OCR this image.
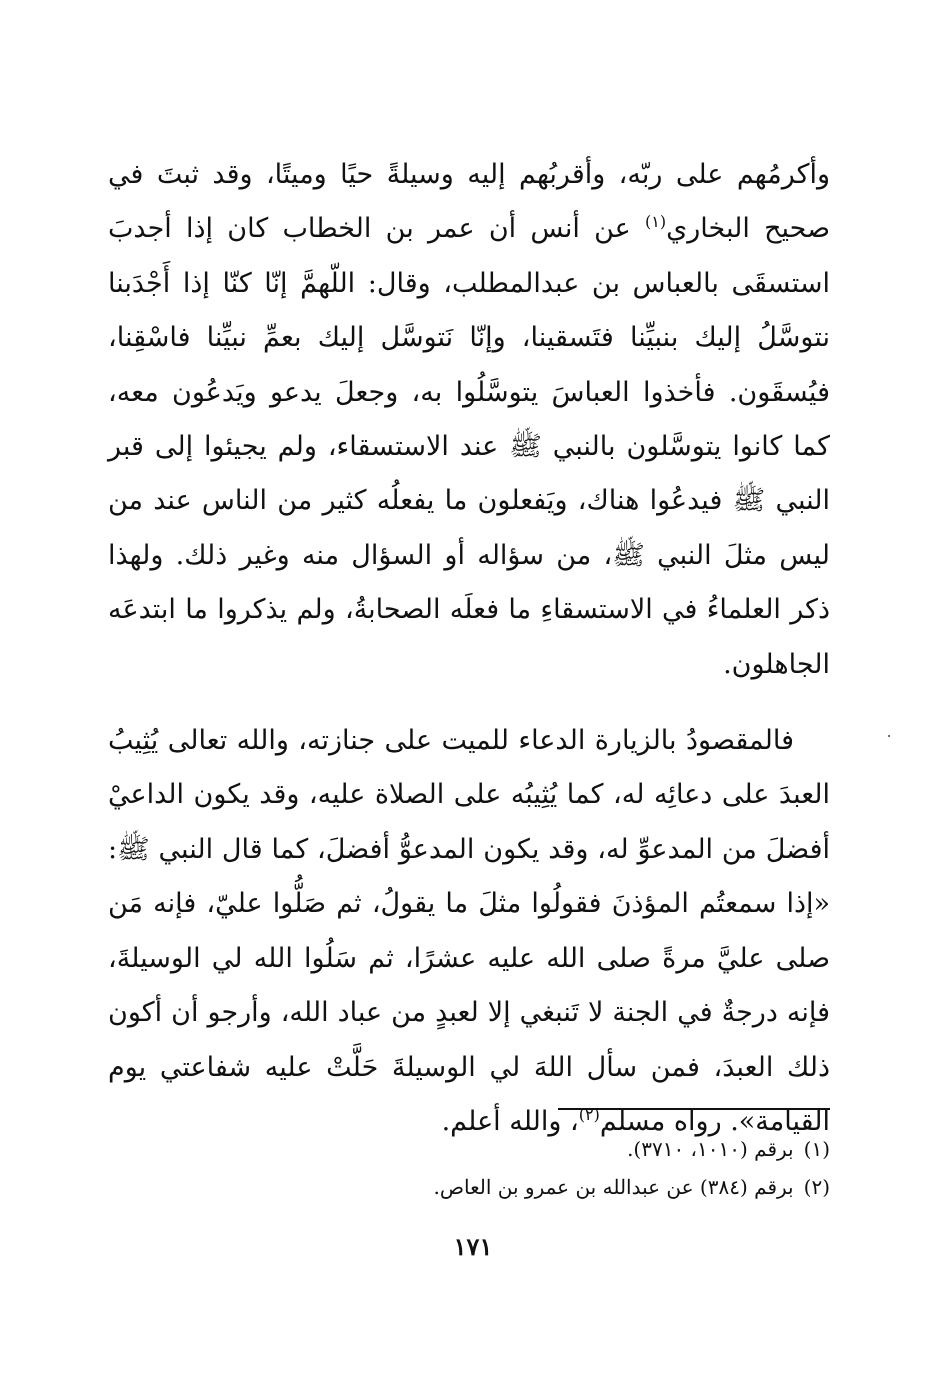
وأكرمُهم على ربّه، وأقربُهم إليه وسيلةً حيًا وميتًا، وقد ثبتَ في صحيح البخاري$^{(١)}$ عن أنس أن عمر بن الخطاب كان إذا أجدبَ استسقَى بالعباس بن عبدالمطلب، وقال: اللّهمَّ إنّا كنّا إذا أَجْدَبنا نتوسَّلُ إليك بنبيِّنا فتَسقينا، وإنّا نَتوسَّل إليك بعمِّ نبيِّنا فاسْقِنا، فيُسقَون. فأخذوا العباسَ يتوسَّلُوا به، وجعلَ يدعو ويَدعُون معه، كما كانوا يتوسَّلون بالنبي ﷺ عند الاستسقاء، ولم يجيئوا إلى قبر النبي ﷺ فيدعُوا هناك، ويَفعلون ما يفعلُه كثير من الناس عند من ليس مثلَ النبي ﷺ، من سؤاله أو السؤال منه وغير ذلك. ولهذا ذكر العلماءُ في الاستسقاءِ ما فعلَه الصحابةُ، ولم يذكروا ما ابتدعَه الجاهلون.

فالمقصودُ بالزيارة الدعاء للميت على جنازته، والله تعالى يُثِيبُ العبدَ على دعائِه له، كما يُثِيبُه على الصلاة عليه، وقد يكون الداعيْ أفضلَ من المدعوِّ له، وقد يكون المدعوُّ أفضلَ، كما قال النبي ﷺ: «إذا سمعتُم المؤذنَ فقولُوا مثلَ ما يقولُ، ثم صَلُّوا عليّ، فإنه مَن صلى عليَّ مرةً صلى الله عليه عشرًا، ثم سَلُوا الله لي الوسيلةَ، فإنه درجةٌ في الجنة لا تَنبغي إلا لعبدٍ من عباد الله، وأرجو أن أكون ذلك العبدَ، فمن سأل اللهَ لي الوسيلةَ حَلَّتْ عليه شفاعتي يوم القيامة». رواه مسلم$^{(٢)}$، والله أعلم.

(١)برقم (١٠١٠، ٣٧١٠).
(٢)برقم (٣٨٤) عن عبدالله بن عمرو بن العاص.
١٧١
